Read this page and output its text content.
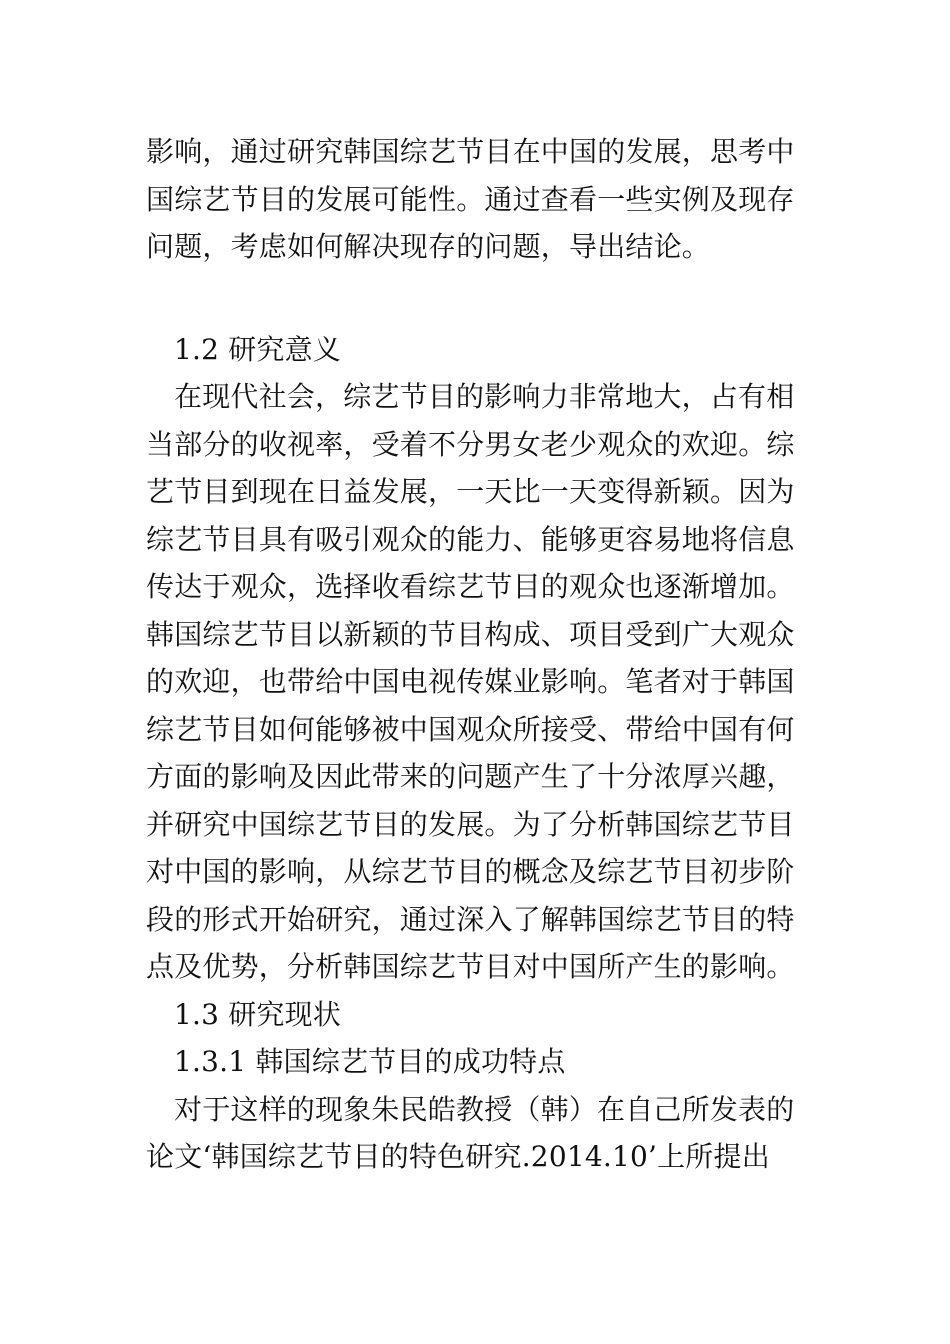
影响，通过研究韩国综艺节目在中国的发展，思考中
国综艺节目的发展可能性。通过查看一些实例及现存
问题，考虑如何解决现存的问题，导出结论。
1.2 研究意义
在现代社会，综艺节目的影响力非常地大，占有相
当部分的收视率，受着不分男女老少观众的欢迎。综
艺节目到现在日益发展，一天比一天变得新颖。因为
综艺节目具有吸引观众的能力、能够更容易地将信息
传达于观众，选择收看综艺节目的观众也逐渐增加。
韩国综艺节目以新颖的节目构成、项目受到广大观众
的欢迎，也带给中国电视传媒业影响。笔者对于韩国
综艺节目如何能够被中国观众所接受、带给中国有何
方面的影响及因此带来的问题产生了十分浓厚兴趣，
并研究中国综艺节目的发展。为了分析韩国综艺节目
对中国的影响，从综艺节目的概念及综艺节目初步阶
段的形式开始研究，通过深入了解韩国综艺节目的特
点及优势，分析韩国综艺节目对中国所产生的影响。
1.3 研究现状
1.3.1 韩国综艺节目的成功特点
对于这样的现象朱民皓教授（韩）在自己所发表的
论文‘韩国综艺节目的特色研究.2014.10’上所提出
